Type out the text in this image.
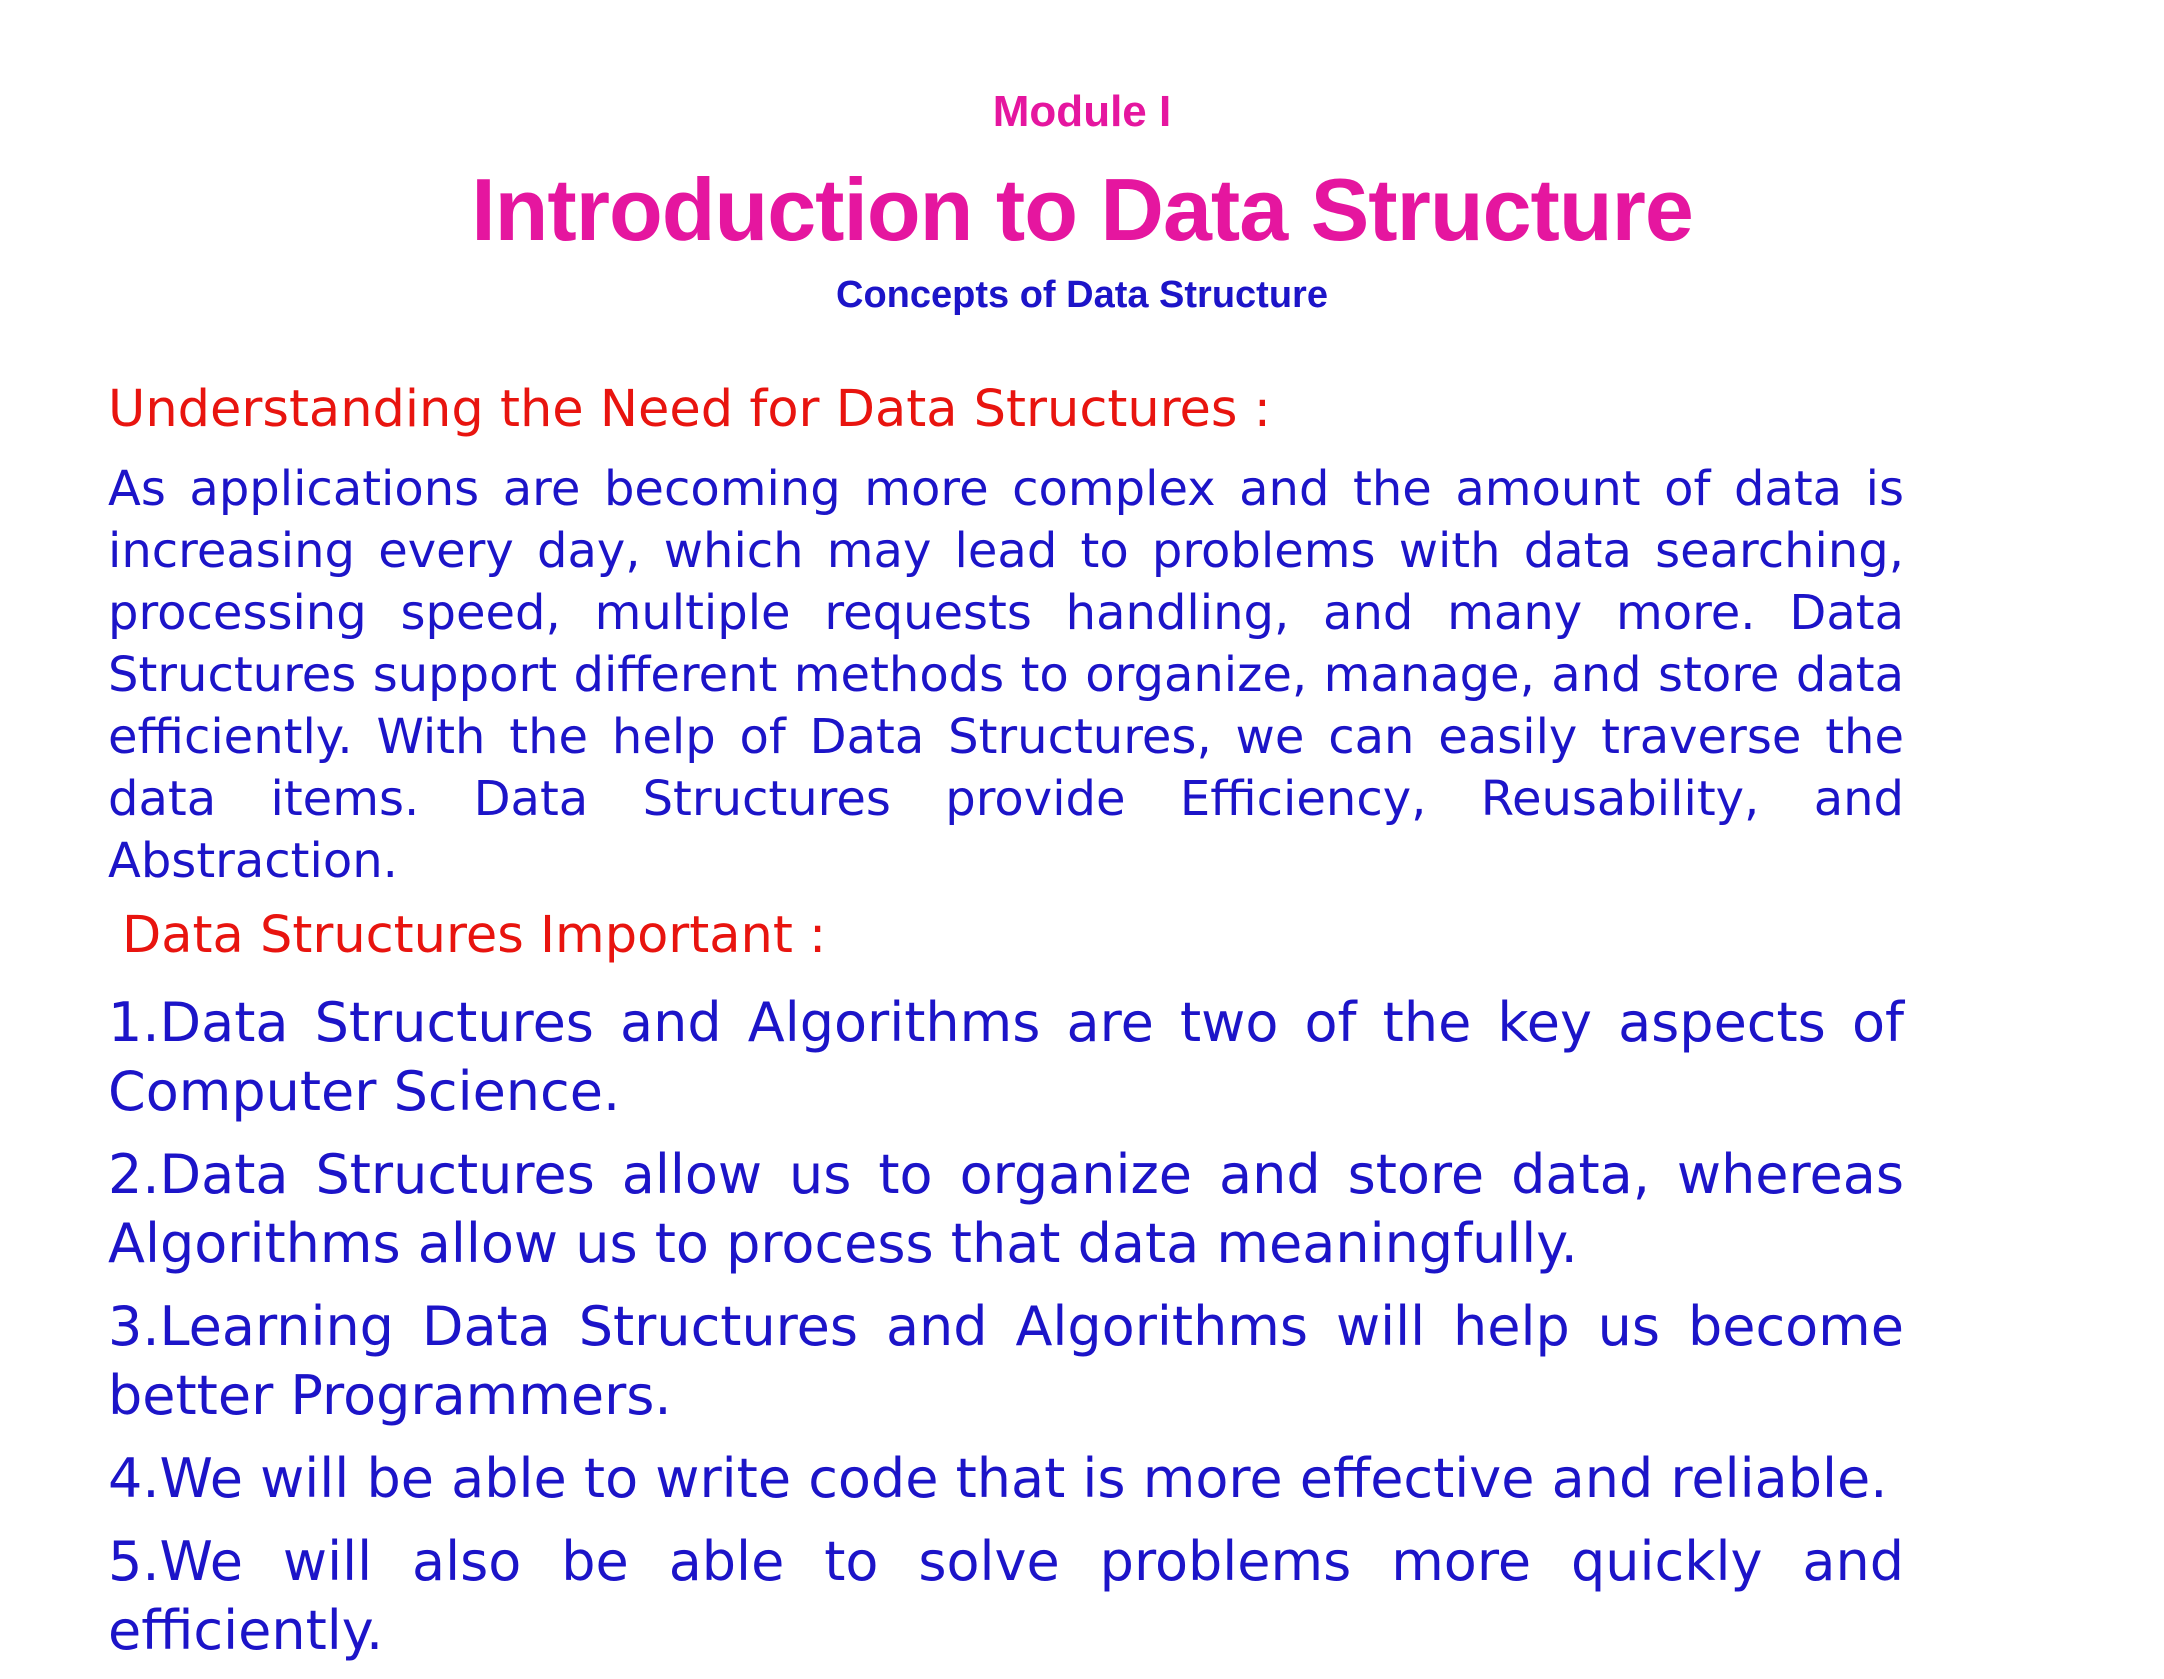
Module I
Introduction to Data Structure
Concepts of Data Structure
Understanding the Need for Data Structures :

As applications are becoming more complex and the amount of data is increasing every day, which may lead to problems with data searching, processing speed, multiple requests handling, and many more. Data Structures support different methods to organize, manage, and store data efficiently. With the help of Data Structures, we can easily traverse the data items. Data Structures provide Efficiency, Reusability, and Abstraction.

Data Structures Important :
1.Data Structures and Algorithms are two of the key aspects of Computer Science.
2.Data Structures allow us to organize and store data, whereas Algorithms allow us to process that data meaningfully.
3.Learning Data Structures and Algorithms will help us become better Programmers.
4.We will be able to write code that is more effective and reliable.
5.We will also be able to solve problems more quickly and efficiently.
